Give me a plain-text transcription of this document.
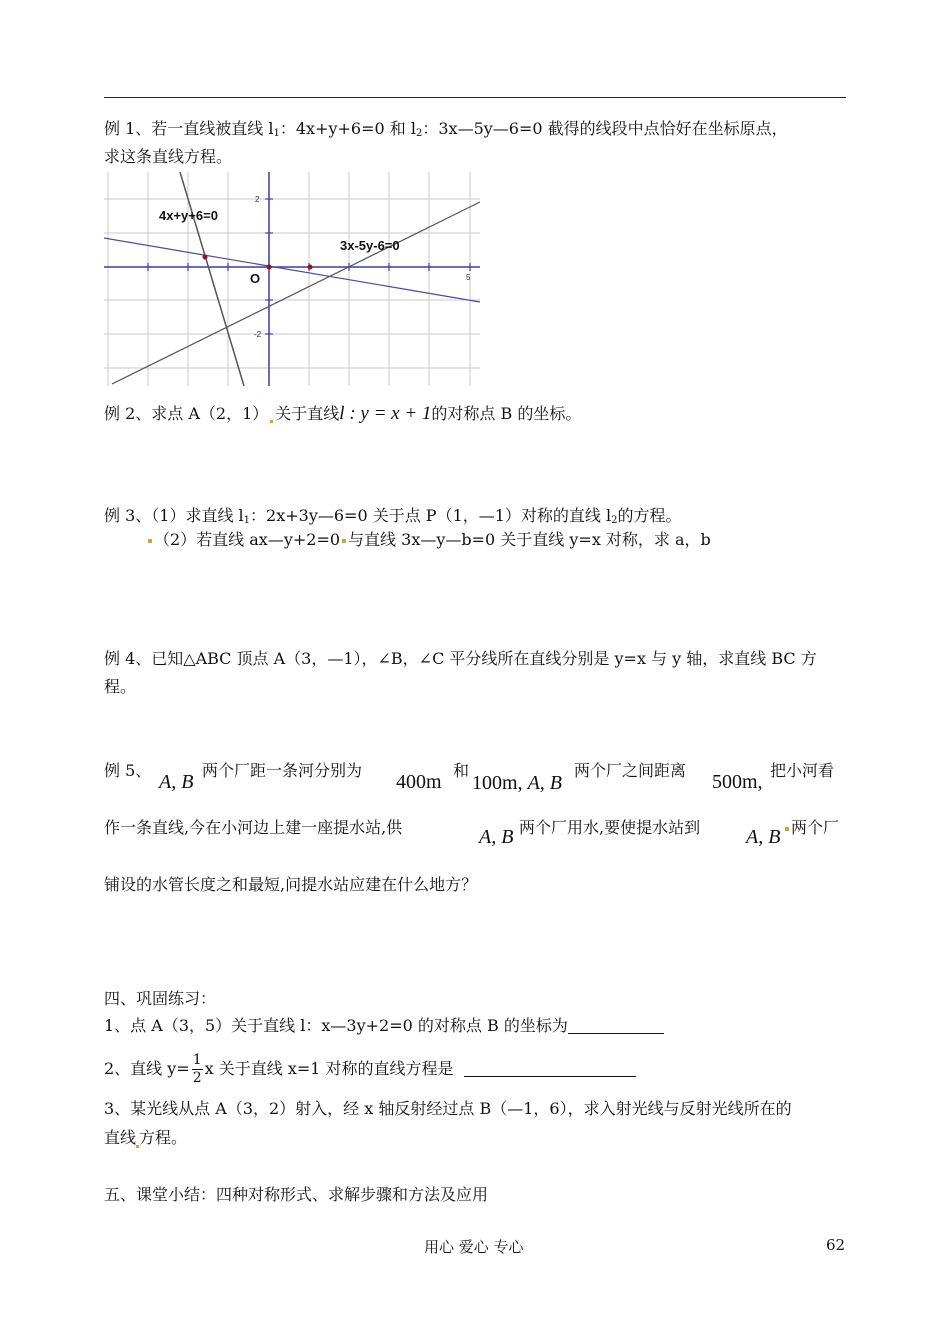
例 1、若一直线被直线 $l_1$：4x+y+6=0 和 $l_2$：3x—5y—6=0 截得的线段中点恰好在坐标原点，
求这条直线方程。
4x+y+6=0
3x-5y-6=0
O
2
-2
5
例 2、求点 A（2，1） 关于直线l : y = x + 1的对称点 B 的坐标。
例 3、（1）求直线 $l_1$：2x+3y—6=0 关于点 P（1，—1）对称的直线 $l_2$的方程。
（2）若直线 ax—y+2=0 与直线 3x—y—b=0 关于直线 y=x 对称，求 a，b
例 4、已知△ABC 顶点 A（3，—1），∠B，∠C 平分线所在直线分别是 y=x 与 y 轴，求直线 BC 方
程。
例 5、
A, B
两个厂距一条河分别为
400m
和
100m, A, B
两个厂之间距离
500m,
把小河看
作一条直线,今在小河边上建一座提水站,供	A, B 两个厂用水,要使提水站到 A, B 两个厂
铺设的水管长度之和最短,问提水站应建在什么地方？
四、巩固练习：
1、点 A（3，5）关于直线 l：x—3y+2=0 的对称点 B 的坐标为
2、直线 $y= \frac{1}{2}$ x 关于直线 x=1 对称的直线方程是
3、某光线从点 A（3，2）射入，经 x 轴反射经过点 B（—1，6），求入射光线与反射光线所在的
直线 方程。
五、课堂小结：四种对称形式、求解步骤和方法及应用
用心 爱心 专心	62
